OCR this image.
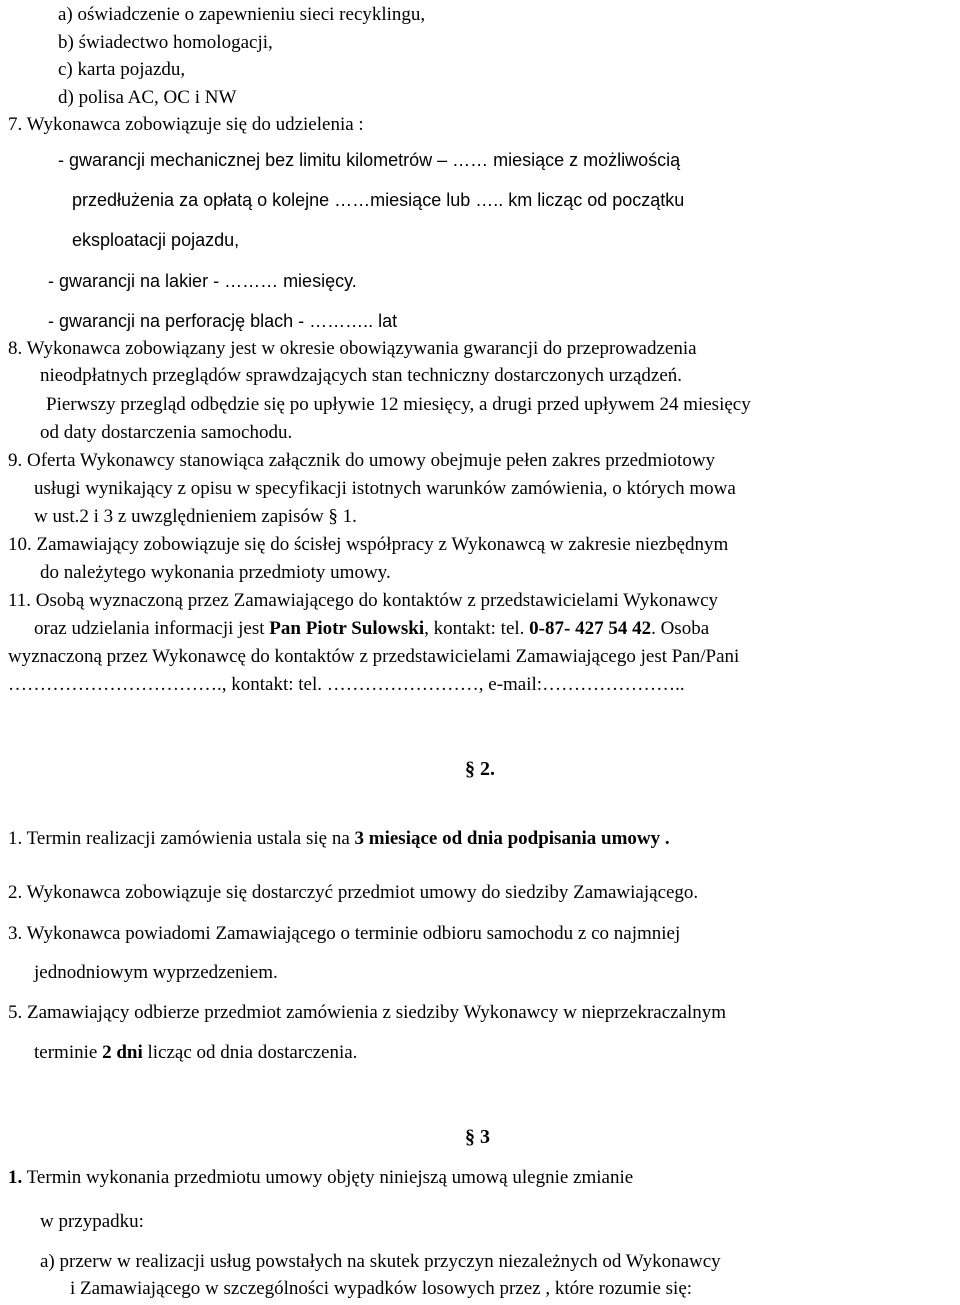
a) oświadczenie o zapewnieniu sieci recyklingu,
b) świadectwo homologacji,
c) karta pojazdu,
d) polisa AC, OC i NW
7. Wykonawca zobowiązuje się do udzielenia :
- gwarancji mechanicznej bez limitu kilometrów – …… miesiące z możliwością
przedłużenia za opłatą o kolejne ……miesiące lub ….. km licząc od początku
eksploatacji pojazdu,
- gwarancji na lakier - ……… miesięcy.
- gwarancji na perforację blach - ……….. lat
8. Wykonawca zobowiązany jest w okresie obowiązywania gwarancji do przeprowadzenia
nieodpłatnych przeglądów sprawdzających stan techniczny dostarczonych urządzeń.
Pierwszy przegląd odbędzie się po upływie 12 miesięcy, a drugi przed upływem 24 miesięcy
od daty dostarczenia samochodu.
9. Oferta Wykonawcy stanowiąca załącznik do umowy obejmuje pełen zakres przedmiotowy
usługi wynikający z opisu w specyfikacji istotnych warunków zamówienia, o których mowa
w ust.2 i 3 z uwzględnieniem zapisów § 1.
10. Zamawiający zobowiązuje się do ścisłej współpracy z Wykonawcą w zakresie niezbędnym
do należytego wykonania przedmioty umowy.
11. Osobą wyznaczoną przez Zamawiającego do kontaktów z przedstawicielami Wykonawcy
oraz udzielania informacji jest Pan Piotr Sulowski, kontakt: tel. 0-87- 427 54 42. Osoba
wyznaczoną przez Wykonawcę do kontaktów z przedstawicielami Zamawiającego jest Pan/Pani
……………………………., kontakt: tel. ……………………, e-mail:…………………..
§ 2.
1. Termin realizacji zamówienia ustala się na 3 miesiące od dnia podpisania umowy .
2. Wykonawca zobowiązuje się dostarczyć przedmiot umowy do siedziby Zamawiającego.
3. Wykonawca powiadomi Zamawiającego o terminie odbioru samochodu z co najmniej
jednodniowym wyprzedzeniem.
5. Zamawiający odbierze przedmiot zamówienia z siedziby Wykonawcy w nieprzekraczalnym
terminie 2 dni licząc od dnia dostarczenia.
§ 3
1. Termin wykonania przedmiotu umowy objęty niniejszą umową ulegnie zmianie
w przypadku:
a) przerw w realizacji usług powstałych na skutek przyczyn niezależnych od Wykonawcy
i Zamawiającego w szczególności wypadków losowych przez , które rozumie się:
